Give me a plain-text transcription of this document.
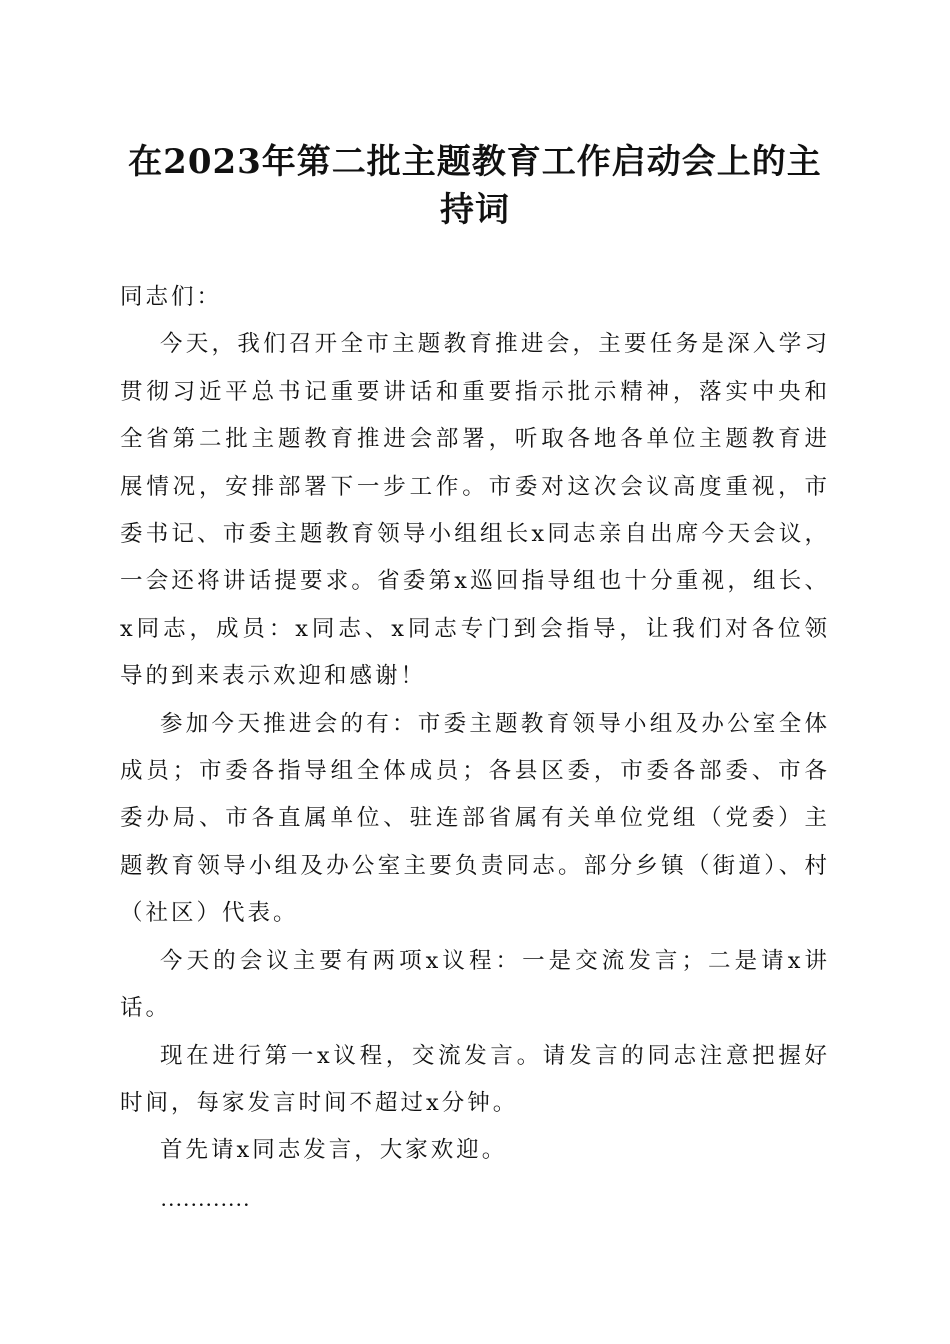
在2023年第二批主题教育工作启动会上的主
持词

同志们：

今天，我们召开全市主题教育推进会，主要任务是深入学习贯彻习近平总书记重要讲话和重要指示批示精神，落实中央和全省第二批主题教育推进会部署，听取各地各单位主题教育进展情况，安排部署下一步工作。市委对这次会议高度重视，市委书记、市委主题教育领导小组组长x同志亲自出席今天会议，一会还将讲话提要求。省委第x巡回指导组也十分重视，组长、x同志，成员：x同志、x同志专门到会指导，让我们对各位领导的到来表示欢迎和感谢！

参加今天推进会的有：市委主题教育领导小组及办公室全体成员；市委各指导组全体成员；各县区委，市委各部委、市各委办局、市各直属单位、驻连部省属有关单位党组（党委）主题教育领导小组及办公室主要负责同志。部分乡镇（街道）、村（社区）代表。

今天的会议主要有两项x议程：一是交流发言；二是请x讲话。

现在进行第一x议程，交流发言。请发言的同志注意把握好时间，每家发言时间不超过x分钟。

首先请x同志发言，大家欢迎。

…………
